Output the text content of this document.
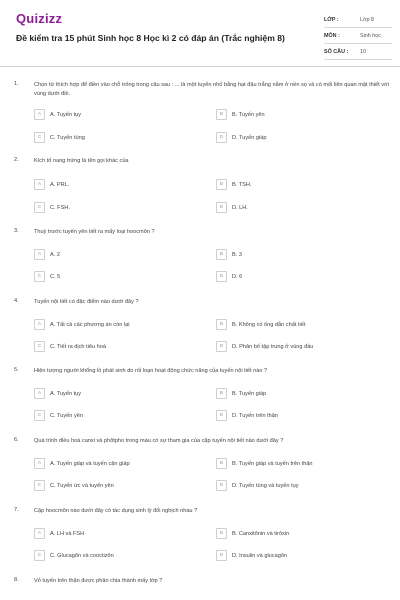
Quizizz
Đề kiểm tra 15 phút Sinh học 8 Học kì 2 có đáp án (Trắc nghiệm 8)
LỚP :	Lớp 8
MÔN :	Sinh học
SỐ CÂU :	10
1.	Chọn từ thích hợp để điền vào chỗ trống trong câu sau : ... là một tuyến nhỏ bằng hạt đậu trắng nằm ở nền sọ và có mối liên quan mật thiết với vùng dưới đồi.
A	A. Tuyến tụy	B	B. Tuyến yên
C	C. Tuyến tùng	D	D. Tuyến giáp
2.	Kích tố nang trứng là tên gọi khác của
A	A. PRL.	B	B. TSH.
C	C. FSH.	D	D. LH.
3.	Thuỳ trước tuyến yên tiết ra mấy loại hoocmôn ?
A	A. 2	B	B. 3
C	C. 5	D	D. 6
4.	Tuyến nội tiết có đặc điểm nào dưới đây ?
A	A. Tất cả các phương án còn lại	B	B. Không có ống dẫn chất tiết
C	C. Tiết ra dịch tiêu hoá	D	D. Phân bố tập trung ở vùng đầu
5.	Hiện tượng người khổng lồ phát sinh do rối loạn hoạt động chức năng của tuyến nội tiết nào ?
A	A. Tuyến tụy	B	B. Tuyến giáp
C	C. Tuyến yên	D	D. Tuyến trên thận
6.	Quá trình điều hoà canxi và phôtpho trong máu có sự tham gia của cặp tuyến nội tiết nào dưới đây ?
A	A. Tuyến giáp và tuyến cận giáp	B	B. Tuyến giáp và tuyến trên thận
C	C. Tuyến ức và tuyến yên	D	D. Tuyến tùng và tuyến tụy
7.	Cặp hoocmôn nào dưới đây có tác dụng sinh lý đối nghịch nhau ?
A	A. LH và FSH	B	B. Canxitônin và tirôxin
C	C. Glucagôn và cooctizôn	D	D. Insulin và glucagôn
8.	Vỏ tuyến trên thận được phân chia thành mấy lớp ?
